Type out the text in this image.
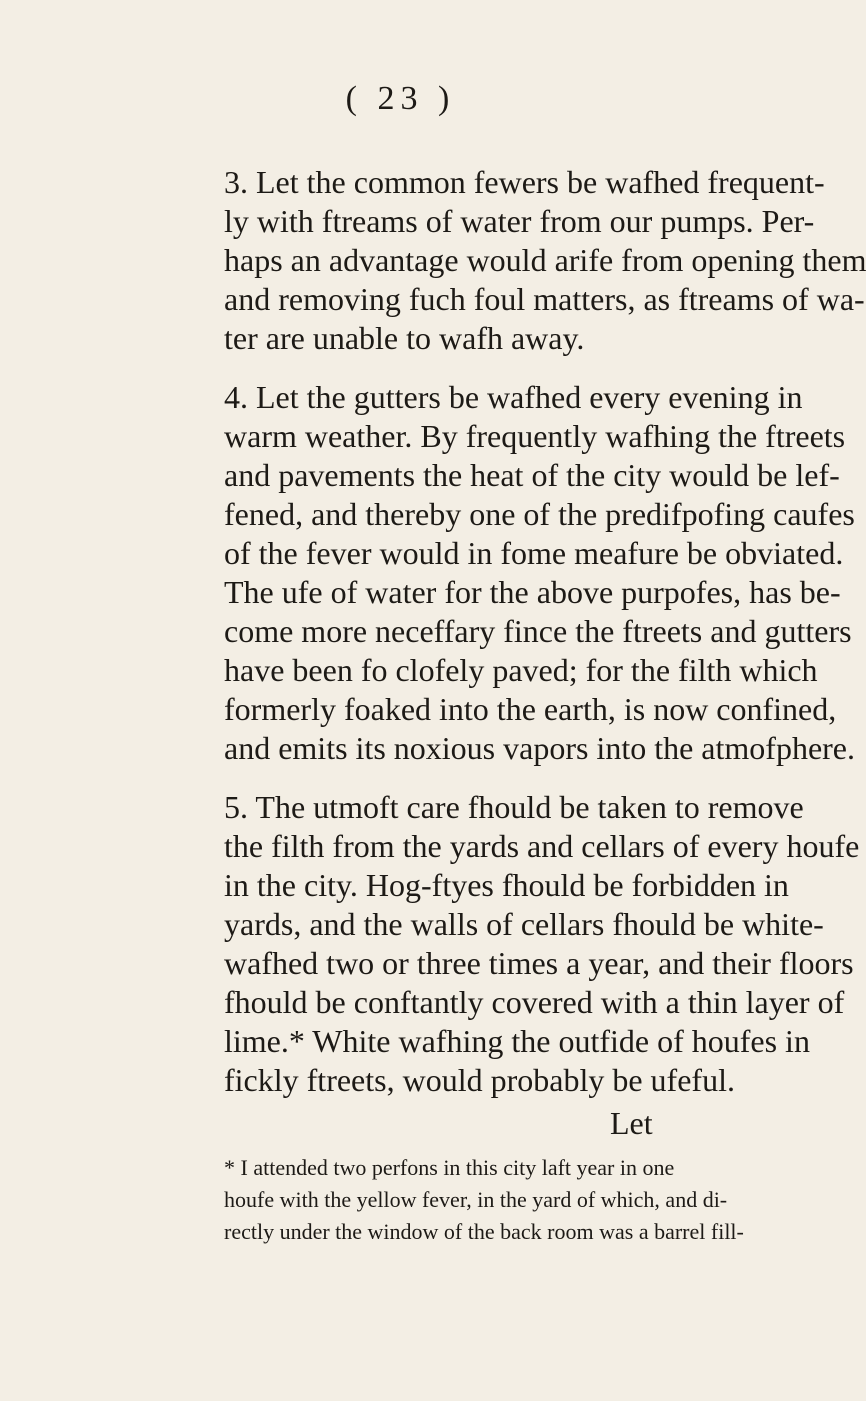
( 23 )
3. Let the common fewers be wafhed frequent-
ly with ftreams of water from our pumps. Per-
haps an advantage would arife from opening them
and removing fuch foul matters, as ftreams of wa-
ter are unable to wafh away.
4. Let the gutters be wafhed every evening in
warm weather. By frequently wafhing the ftreets
and pavements the heat of the city would be lef-
fened, and thereby one of the predifpofing caufes
of the fever would in fome meafure be obviated.
The ufe of water for the above purpofes, has be-
come more neceffary fince the ftreets and gutters
have been fo clofely paved; for the filth which
formerly foaked into the earth, is now confined,
and emits its noxious vapors into the atmofphere.
5. The utmoft care fhould be taken to remove
the filth from the yards and cellars of every houfe
in the city. Hog-ftyes fhould be forbidden in
yards, and the walls of cellars fhould be white-
wafhed two or three times a year, and their floors
fhould be conftantly covered with a thin layer of
lime.* White wafhing the outfide of houfes in
fickly ftreets, would probably be ufeful.
Let
* I attended two perfons in this city laft year in one
houfe with the yellow fever, in the yard of which, and di-
rectly under the window of the back room was a barrel fill-
